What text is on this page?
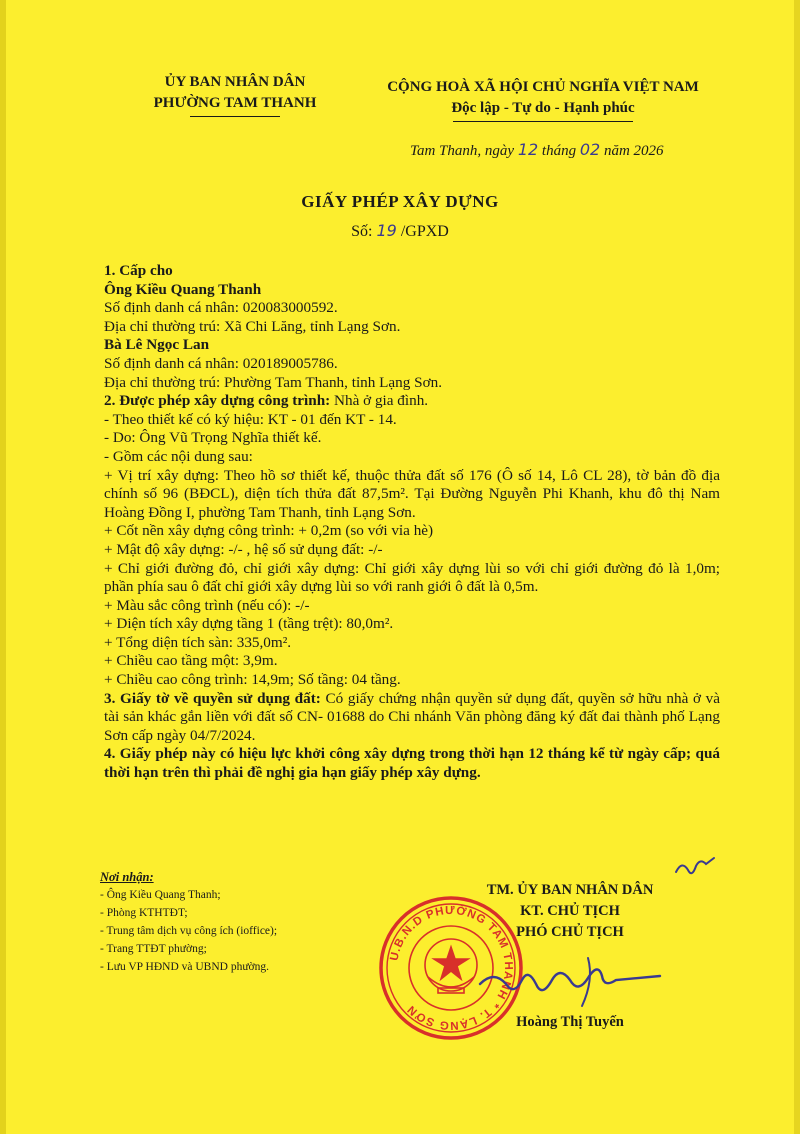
ỦY BAN NHÂN DÂN
PHƯỜNG TAM THANH
CỘNG HOÀ XÃ HỘI CHỦ NGHĨA VIỆT NAM
Độc lập - Tự do - Hạnh phúc
Tam Thanh, ngày 12 tháng 02 năm 2026
GIẤY PHÉP XÂY DỰNG
Số: 19 /GPXD

1. Cấp cho

Ông Kiều Quang Thanh

Số định danh cá nhân: 020083000592.

Địa chỉ thường trú: Xã Chi Lăng, tỉnh Lạng Sơn.

Bà Lê Ngọc Lan

Số định danh cá nhân: 020189005786.

Địa chỉ thường trú: Phường Tam Thanh, tỉnh Lạng Sơn.

2. Được phép xây dựng công trình: Nhà ở gia đình.

- Theo thiết kế có ký hiệu: KT - 01 đến KT - 14.

- Do: Ông Vũ Trọng Nghĩa thiết kế.

- Gồm các nội dung sau:

+ Vị trí xây dựng: Theo hồ sơ thiết kế, thuộc thửa đất số 176 (Ô số 14, Lô CL 28), tờ bản đồ địa chính số 96 (BĐCL), diện tích thửa đất 87,5m². Tại Đường Nguyễn Phi Khanh, khu đô thị Nam Hoàng Đồng I, phường Tam Thanh, tỉnh Lạng Sơn.

+ Cốt nền xây dựng công trình: + 0,2m (so với vỉa hè)

+ Mật độ xây dựng: -/- , hệ số sử dụng đất: -/-

+ Chỉ giới đường đỏ, chỉ giới xây dựng: Chỉ giới xây dựng lùi so với chỉ giới đường đỏ là 1,0m; phần phía sau ô đất chỉ giới xây dựng lùi so với ranh giới ô đất là 0,5m.

+ Màu sắc công trình (nếu có): -/-

+ Diện tích xây dựng tầng 1 (tầng trệt): 80,0m².

+ Tổng diện tích sàn: 335,0m².

+ Chiều cao tầng một: 3,9m.

+ Chiều cao công trình: 14,9m; Số tầng: 04 tầng.

3. Giấy tờ về quyền sử dụng đất: Có giấy chứng nhận quyền sử dụng đất, quyền sở hữu nhà ở và tài sản khác gắn liền với đất số CN- 01688 do Chi nhánh Văn phòng đăng ký đất đai thành phố Lạng Sơn cấp ngày 04/7/2024.

4. Giấy phép này có hiệu lực khởi công xây dựng trong thời hạn 12 tháng kể từ ngày cấp; quá thời hạn trên thì phải đề nghị gia hạn giấy phép xây dựng.

Nơi nhận:
- Ông Kiều Quang Thanh;
- Phòng KTHTĐT;
- Trung tâm dịch vụ công ích (ioffice);
- Trang TTĐT phường;
- Lưu VP HĐND và UBND phường.
U.B.N.D PHƯỜNG TAM THANH * T. LẠNG SƠN
TM. ỦY BAN NHÂN DÂN
KT. CHỦ TỊCH
PHÓ CHỦ TỊCH
Hoàng Thị Tuyến
